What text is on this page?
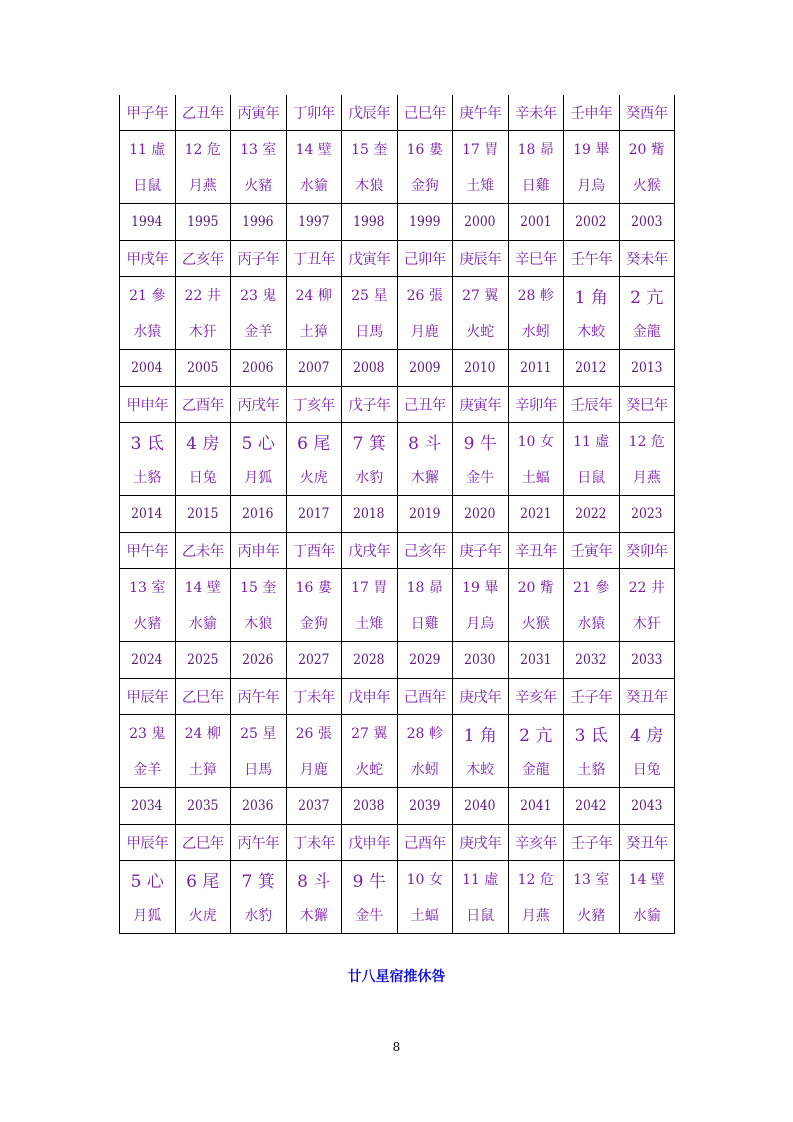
甲子年	乙丑年	丙寅年	丁卯年	戊辰年	己巳年	庚午年	辛未年	壬申年	癸酉年
11 虛	12 危	13 室	14 壁	15 奎	16 婁	17 胃	18 昴	19 畢	20 觜
日鼠	月燕	火豬	水貐	木狼	金狗	土雉	日雞	月烏	火猴
1994	1995	1996	1997	1998	1999	2000	2001	2002	2003
甲戌年	乙亥年	丙子年	丁丑年	戊寅年	己卯年	庚辰年	辛巳年	壬午年	癸未年
21 參	22 井	23 鬼	24 柳	25 星	26 張	27 翼	28 軫	1 角	2 亢
水猿	木犴	金羊	土獐	日馬	月鹿	火蛇	水蚓	木蛟	金龍
2004	2005	2006	2007	2008	2009	2010	2011	2012	2013
甲申年	乙酉年	丙戌年	丁亥年	戊子年	己丑年	庚寅年	辛卯年	壬辰年	癸巳年
3 氐	4 房	5 心	6 尾	7 箕	8 斗	9 牛	10 女	11 虛	12 危
土貉	日兔	月狐	火虎	水豹	木獬	金牛	土蝠	日鼠	月燕
2014	2015	2016	2017	2018	2019	2020	2021	2022	2023
甲午年	乙未年	丙申年	丁酉年	戊戌年	己亥年	庚子年	辛丑年	壬寅年	癸卯年
13 室	14 壁	15 奎	16 婁	17 胃	18 昴	19 畢	20 觜	21 參	22 井
火豬	水貐	木狼	金狗	土雉	日雞	月烏	火猴	水猿	木犴
2024	2025	2026	2027	2028	2029	2030	2031	2032	2033
甲辰年	乙巳年	丙午年	丁未年	戊申年	己酉年	庚戌年	辛亥年	壬子年	癸丑年
23 鬼	24 柳	25 星	26 張	27 翼	28 軫	1 角	2 亢	3 氐	4 房
金羊	土獐	日馬	月鹿	火蛇	水蚓	木蛟	金龍	土貉	日兔
2034	2035	2036	2037	2038	2039	2040	2041	2042	2043
甲辰年	乙巳年	丙午年	丁未年	戊申年	己酉年	庚戌年	辛亥年	壬子年	癸丑年
5 心	6 尾	7 箕	8 斗	9 牛	10 女	11 虛	12 危	13 室	14 壁
月狐	火虎	水豹	木獬	金牛	土蝠	日鼠	月燕	火豬	水貐
廿八星宿推休咎
8
